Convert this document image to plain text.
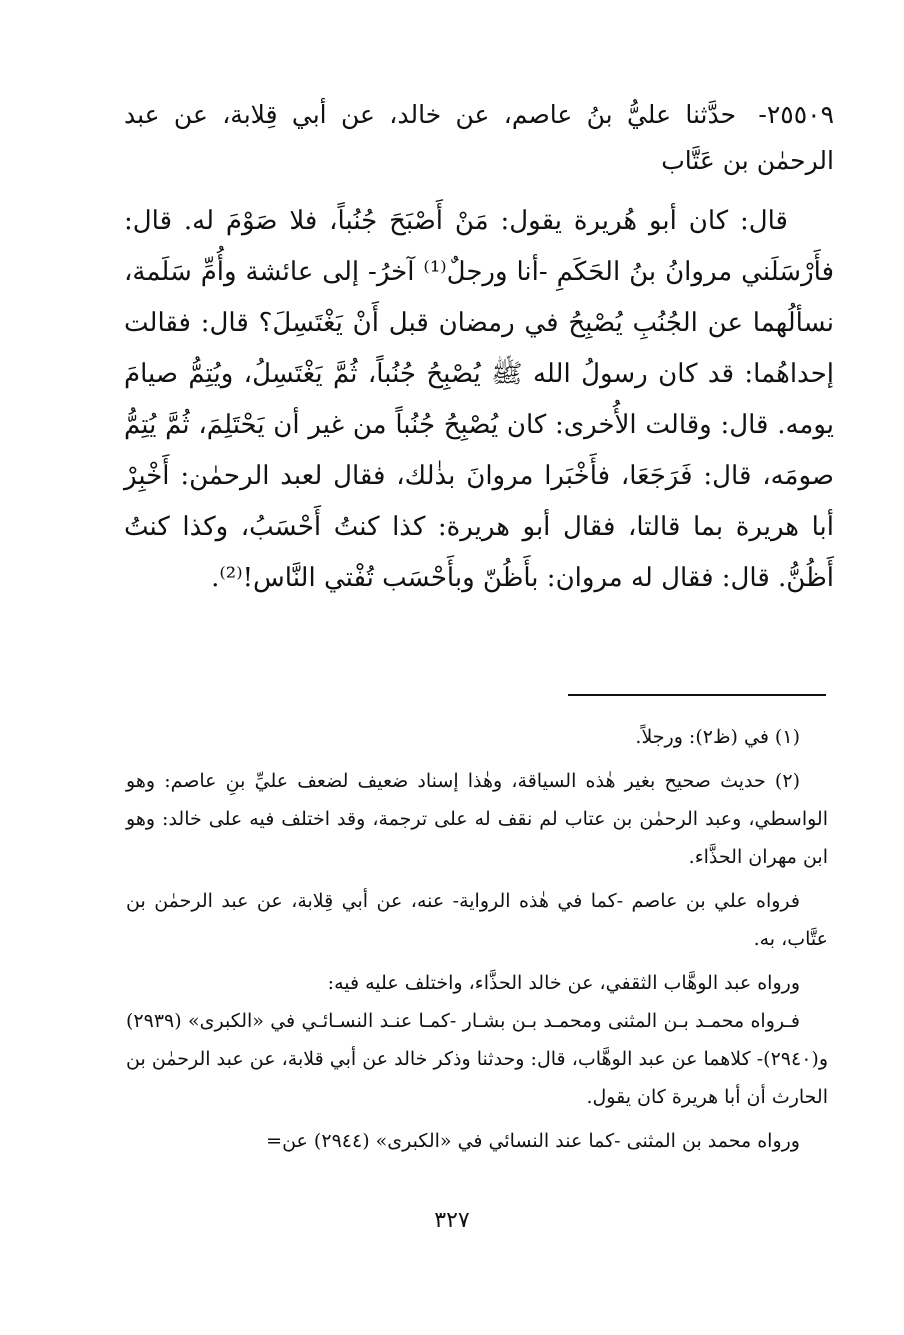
٢٥٥٠٩- حدَّثنا عليُّ بنُ عاصم، عن خالد، عن أبي قِلابة، عن عبد الرحمٰن بن عَتَّاب

قال: كان أبو هُريرة يقول: مَنْ أَصْبَحَ جُنُباً، فلا صَوْمَ له. قال: فأَرْسَلَني مروانُ بنُ الحَكَمِ -أنا ورجلٌ⁽¹⁾ آخرُ- إلى عائشة وأُمِّ سَلَمة، نسألُهما عن الجُنُبِ يُصْبِحُ في رمضان قبل أَنْ يَغْتَسِلَ؟ قال: فقالت إحداهُما: قد كان رسولُ الله ﷺ يُصْبِحُ جُنُباً، ثُمَّ يَغْتَسِلُ، ويُتِمُّ صيامَ يومه. قال: وقالت الأُخرى: كان يُصْبِحُ جُنُباً من غير أن يَحْتَلِمَ، ثُمَّ يُتِمُّ صومَه، قال: فَرَجَعَا، فأَخْبَرا مروانَ بذٰلك، فقال لعبد الرحمٰن: أَخْبِرْ أبا هريرة بما قالتا، فقال أبو هريرة: كذا كنتُ أَحْسَبُ، وكذا كنتُ أَظُنُّ. قال: فقال له مروان: بأَظُنّ وبأَحْسَب تُفْتي النَّاس!⁽²⁾.

(١) في (ظ٢): ورجلاً.

(٢) حديث صحيح بغير هٰذه السياقة، وهٰذا إسناد ضعيف لضعف عليِّ بنِ عاصم: وهو الواسطي، وعبد الرحمٰن بن عتاب لم نقف له على ترجمة، وقد اختلف فيه على خالد: وهو ابن مهران الحذَّاء.

فرواه علي بن عاصم -كما في هٰذه الرواية- عنه، عن أبي قِلابة، عن عبد الرحمٰن بن عتَّاب، به.

ورواه عبد الوهَّاب الثقفي، عن خالد الحذَّاء، واختلف عليه فيه:

فـرواه محمـد بـن المثنى ومحمـد بـن بشـار -كمـا عنـد النسـائـي في «الكبرى» (٢٩٣٩) و(٢٩٤٠)- كلاهما عن عبد الوهَّاب، قال: وحدثنا وذكر خالد عن أبي قلابة، عن عبد الرحمٰن بن الحارث أن أبا هريرة كان يقول.

ورواه محمد بن المثنى -كما عند النسائي في «الكبرى» (٢٩٤٤) عن=

٣٢٧
